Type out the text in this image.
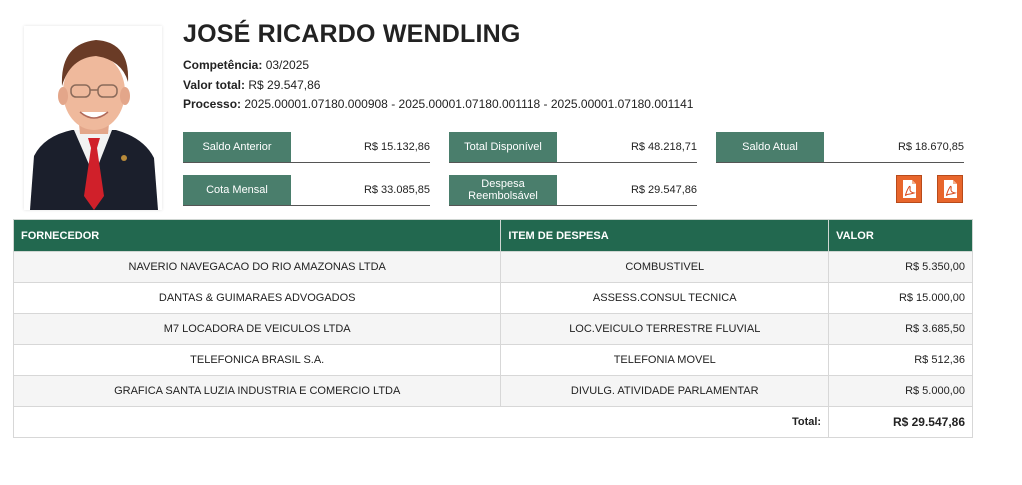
JOSÉ RICARDO WENDLING
Competência: 03/2025
Valor total: R$ 29.547,86
Processo: 2025.00001.07180.000908 - 2025.00001.07180.001118 - 2025.00001.07180.001141
Saldo Anterior	R$ 15.132,86	Total Disponível	R$ 48.218,71	Saldo Atual	R$ 18.670,85
Cota Mensal	R$ 33.085,85	Despesa Reembolsável	R$ 29.547,86
FORNECEDOR	ITEM DE DESPESA	VALOR
NAVERIO NAVEGACAO DO RIO AMAZONAS LTDA	COMBUSTIVEL	R$ 5.350,00
DANTAS & GUIMARAES ADVOGADOS	ASSESS.CONSUL TECNICA	R$ 15.000,00
M7 LOCADORA DE VEICULOS LTDA	LOC.VEICULO TERRESTRE FLUVIAL	R$ 3.685,50
TELEFONICA BRASIL S.A.	TELEFONIA MOVEL	R$ 512,36
GRAFICA SANTA LUZIA INDUSTRIA E COMERCIO LTDA	DIVULG. ATIVIDADE PARLAMENTAR	R$ 5.000,00
Total:		R$ 29.547,86
